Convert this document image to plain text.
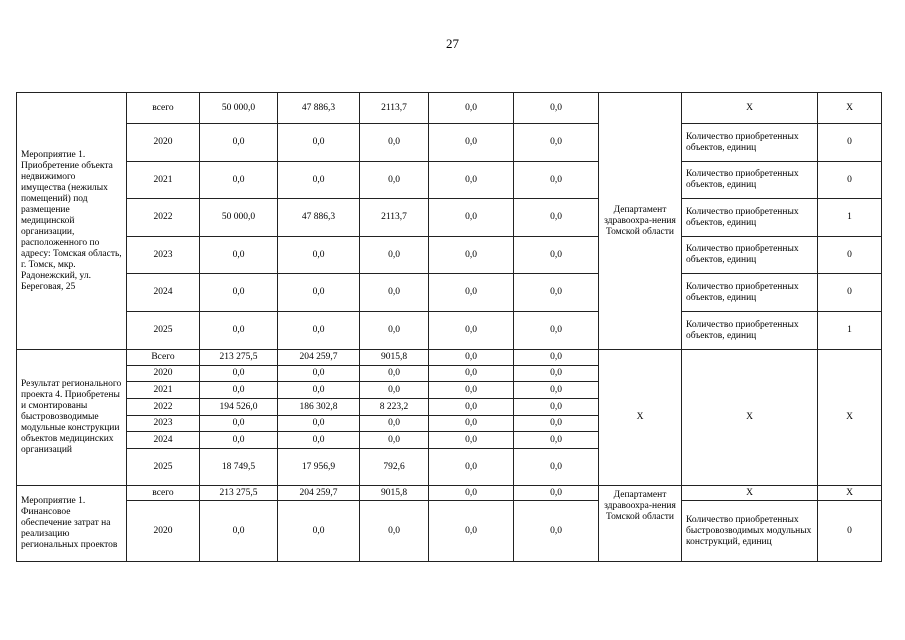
27
Мероприятие 1. Приобретение объекта недвижимого имущества (нежилых помещений) под размещение медицинской организации, расположенного по адресу: Томская область, г. Томск, мкр. Радонежский, ул. Береговая, 25	всего	50 000,0	47 886,3	2113,7	0,0	0,0	Департамент здравоохра-нения Томской области	Х	Х
	2020	0,0	0,0	0,0	0,0	0,0		Количество приобретенных объектов, единиц	0
	2021	0,0	0,0	0,0	0,0	0,0		Количество приобретенных объектов, единиц	0
	2022	50 000,0	47 886,3	2113,7	0,0	0,0		Количество приобретенных объектов, единиц	1
	2023	0,0	0,0	0,0	0,0	0,0		Количество приобретенных объектов, единиц	0
	2024	0,0	0,0	0,0	0,0	0,0		Количество приобретенных объектов, единиц	0
	2025	0,0	0,0	0,0	0,0	0,0		Количество приобретенных объектов, единиц	1
Результат регионального проекта 4. Приобретены и смонтированы быстровозводимые модульные конструкции объектов медицинских организаций	Всего	213 275,5	204 259,7	9015,8	0,0	0,0	Х	Х	Х
	2020	0,0	0,0	0,0	0,0	0,0			
	2021	0,0	0,0	0,0	0,0	0,0			
	2022	194 526,0	186 302,8	8 223,2	0,0	0,0			
	2023	0,0	0,0	0,0	0,0	0,0			
	2024	0,0	0,0	0,0	0,0	0,0			
	2025	18 749,5	17 956,9	792,6	0,0	0,0			
Мероприятие 1. Финансовое обеспечение затрат на реализацию региональных проектов	всего	213 275,5	204 259,7	9015,8	0,0	0,0	Департамент здравоохра-нения Томской области	Х	Х
	2020	0,0	0,0	0,0	0,0	0,0		Количество приобретенных быстровозводимых модульных конструкций, единиц	0
